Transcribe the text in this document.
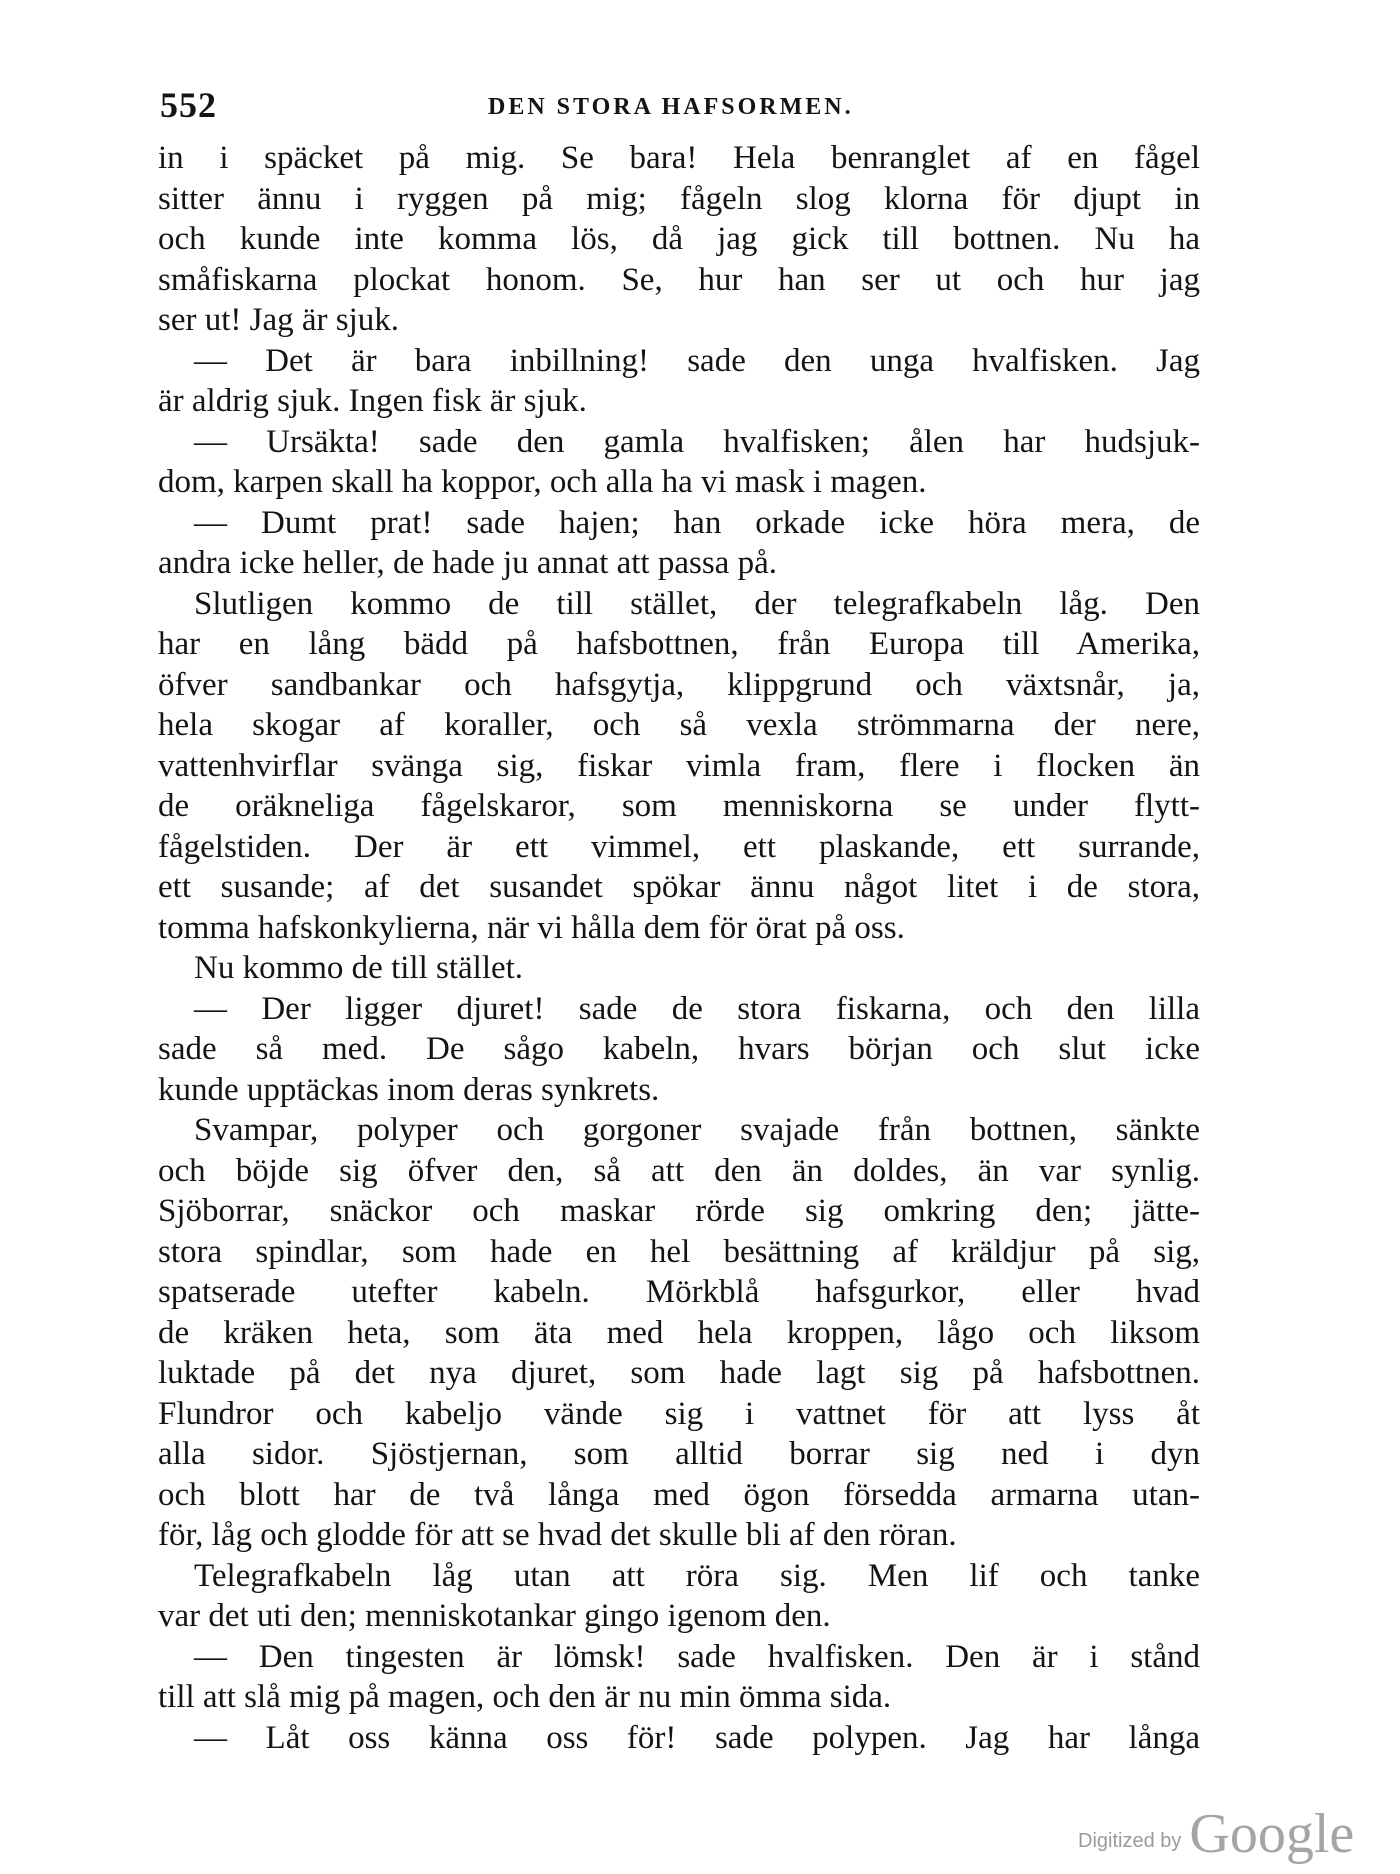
552	DEN STORA HAFSORMEN.
in i späcket på mig. Se bara! Hela benranglet af en fågel
sitter ännu i ryggen på mig; fågeln slog klorna för djupt in
och kunde inte komma lös, då jag gick till bottnen. Nu ha
småfiskarna plockat honom. Se, hur han ser ut och hur jag
ser ut! Jag är sjuk.
— Det är bara inbillning! sade den unga hvalfisken. Jag
är aldrig sjuk. Ingen fisk är sjuk.
— Ursäkta! sade den gamla hvalfisken; ålen har hudsjuk-
dom, karpen skall ha koppor, och alla ha vi mask i magen.
— Dumt prat! sade hajen; han orkade icke höra mera, de
andra icke heller, de hade ju annat att passa på.
Slutligen kommo de till stället, der telegrafkabeln låg. Den
har en lång bädd på hafsbottnen, från Europa till Amerika,
öfver sandbankar och hafsgytja, klippgrund och växtsnår, ja,
hela skogar af koraller, och så vexla strömmarna der nere,
vattenhvirflar svänga sig, fiskar vimla fram, flere i flocken än
de oräkneliga fågelskaror, som menniskorna se under flytt-
fågelstiden. Der är ett vimmel, ett plaskande, ett surrande,
ett susande; af det susandet spökar ännu något litet i de stora,
tomma hafskonkylierna, när vi hålla dem för örat på oss.
Nu kommo de till stället.
— Der ligger djuret! sade de stora fiskarna, och den lilla
sade så med. De sågo kabeln, hvars början och slut icke
kunde upptäckas inom deras synkrets.
Svampar, polyper och gorgoner svajade från bottnen, sänkte
och böjde sig öfver den, så att den än doldes, än var synlig.
Sjöborrar, snäckor och maskar rörde sig omkring den; jätte-
stora spindlar, som hade en hel besättning af kräldjur på sig,
spatserade utefter kabeln. Mörkblå hafsgurkor, eller hvad
de kräken heta, som äta med hela kroppen, lågo och liksom
luktade på det nya djuret, som hade lagt sig på hafsbottnen.
Flundror och kabeljo vände sig i vattnet för att lyss åt
alla sidor. Sjöstjernan, som alltid borrar sig ned i dyn
och blott har de två långa med ögon försedda armarna utan-
för, låg och glodde för att se hvad det skulle bli af den röran.
Telegrafkabeln låg utan att röra sig. Men lif och tanke
var det uti den; menniskotankar gingo igenom den.
— Den tingesten är lömsk! sade hvalfisken. Den är i stånd
till att slå mig på magen, och den är nu min ömma sida.
— Låt oss känna oss för! sade polypen. Jag har långa
Digitized by Google
